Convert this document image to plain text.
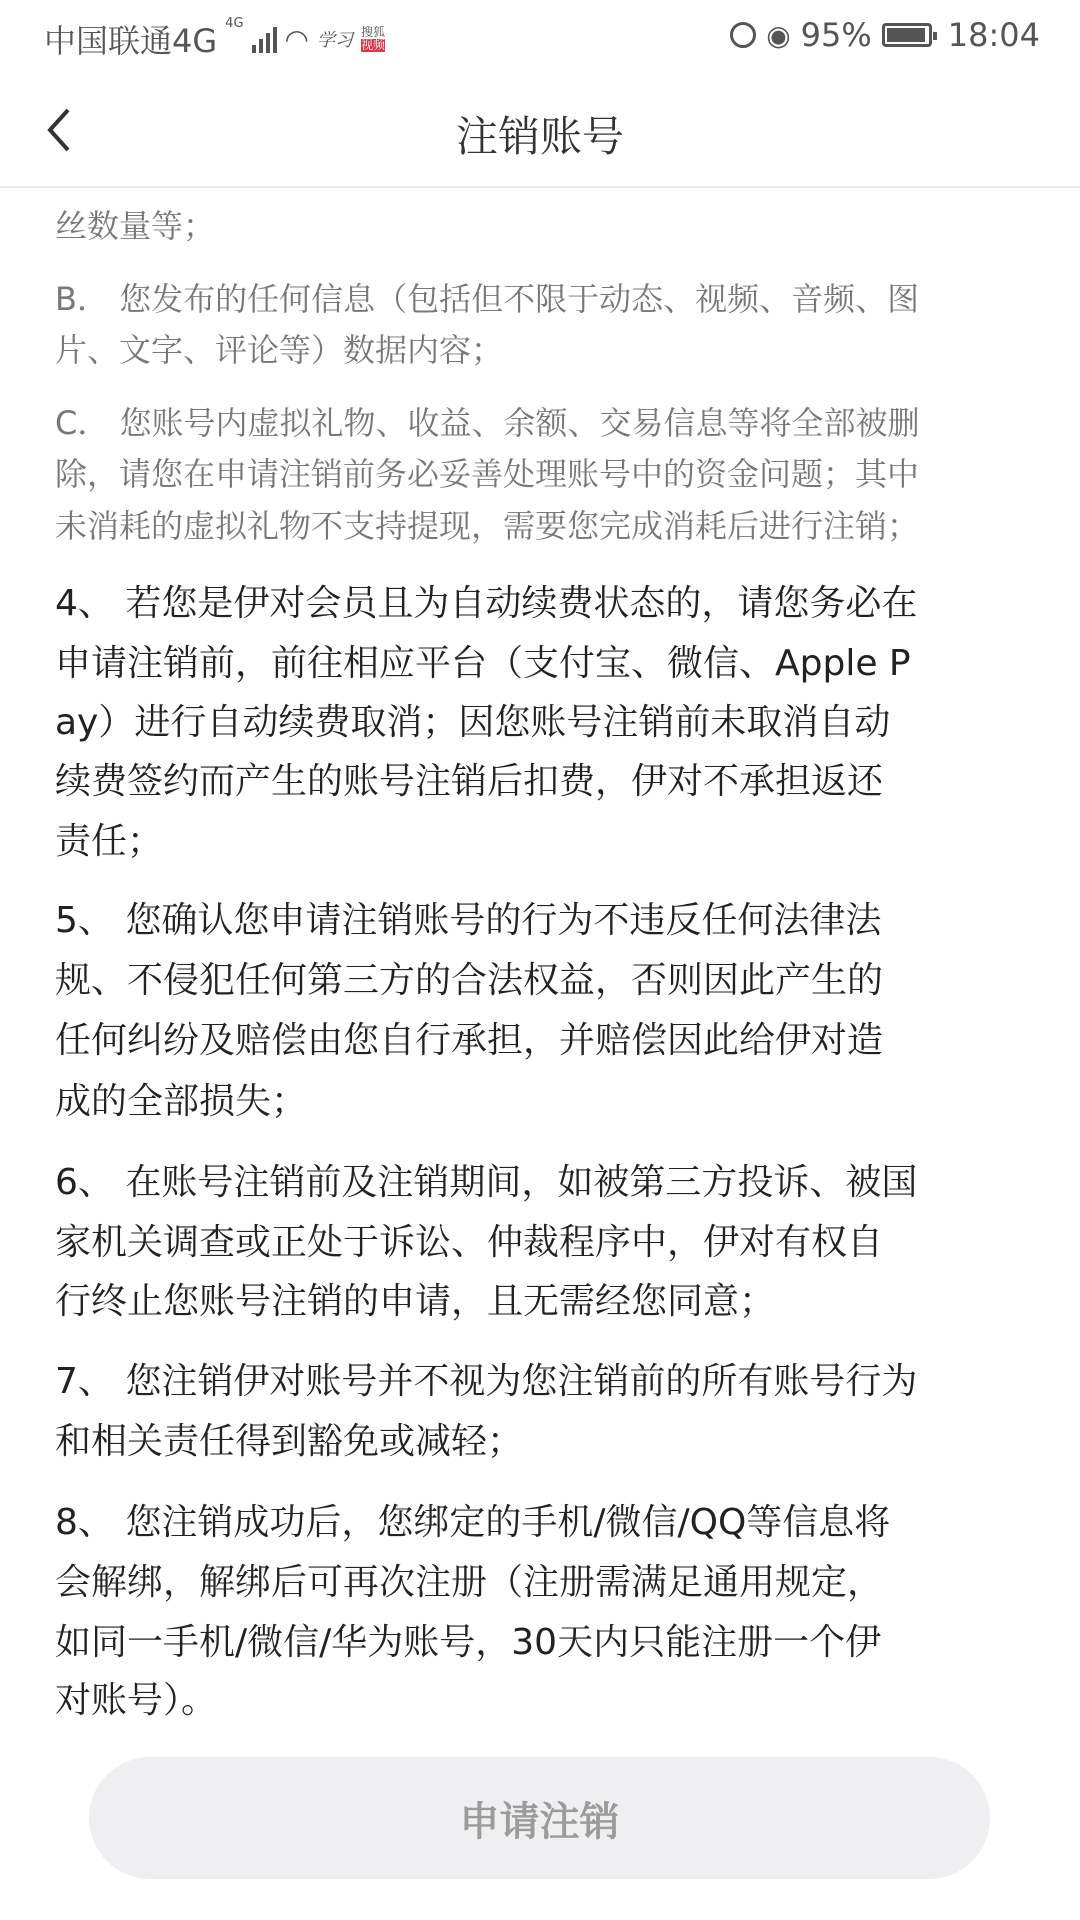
中国联通4G 4G ◠ 学习 搜狐
视频	◉ 95% 18:04
注销账号
丝数量等；
B． 您发布的任何信息（包括但不限于动态、视频、音频、图
片、文字、评论等）数据内容；
C． 您账号内虚拟礼物、收益、余额、交易信息等将全部被删
除，请您在申请注销前务必妥善处理账号中的资金问题；其中
未消耗的虚拟礼物不支持提现，需要您完成消耗后进行注销；
4、 若您是伊对会员且为自动续费状态的，请您务必在
申请注销前，前往相应平台（支付宝、微信、Apple P
ay）进行自动续费取消；因您账号注销前未取消自动
续费签约而产生的账号注销后扣费，伊对不承担返还
责任；
5、 您确认您申请注销账号的行为不违反任何法律法
规、不侵犯任何第三方的合法权益，否则因此产生的
任何纠纷及赔偿由您自行承担，并赔偿因此给伊对造
成的全部损失；
6、 在账号注销前及注销期间，如被第三方投诉、被国
家机关调查或正处于诉讼、仲裁程序中，伊对有权自
行终止您账号注销的申请，且无需经您同意；
7、 您注销伊对账号并不视为您注销前的所有账号行为
和相关责任得到豁免或减轻；
8、 您注销成功后，您绑定的手机/微信/QQ等信息将
会解绑，解绑后可再次注册（注册需满足通用规定，
如同一手机/微信/华为账号，30天内只能注册一个伊
对账号）。
申请注销
